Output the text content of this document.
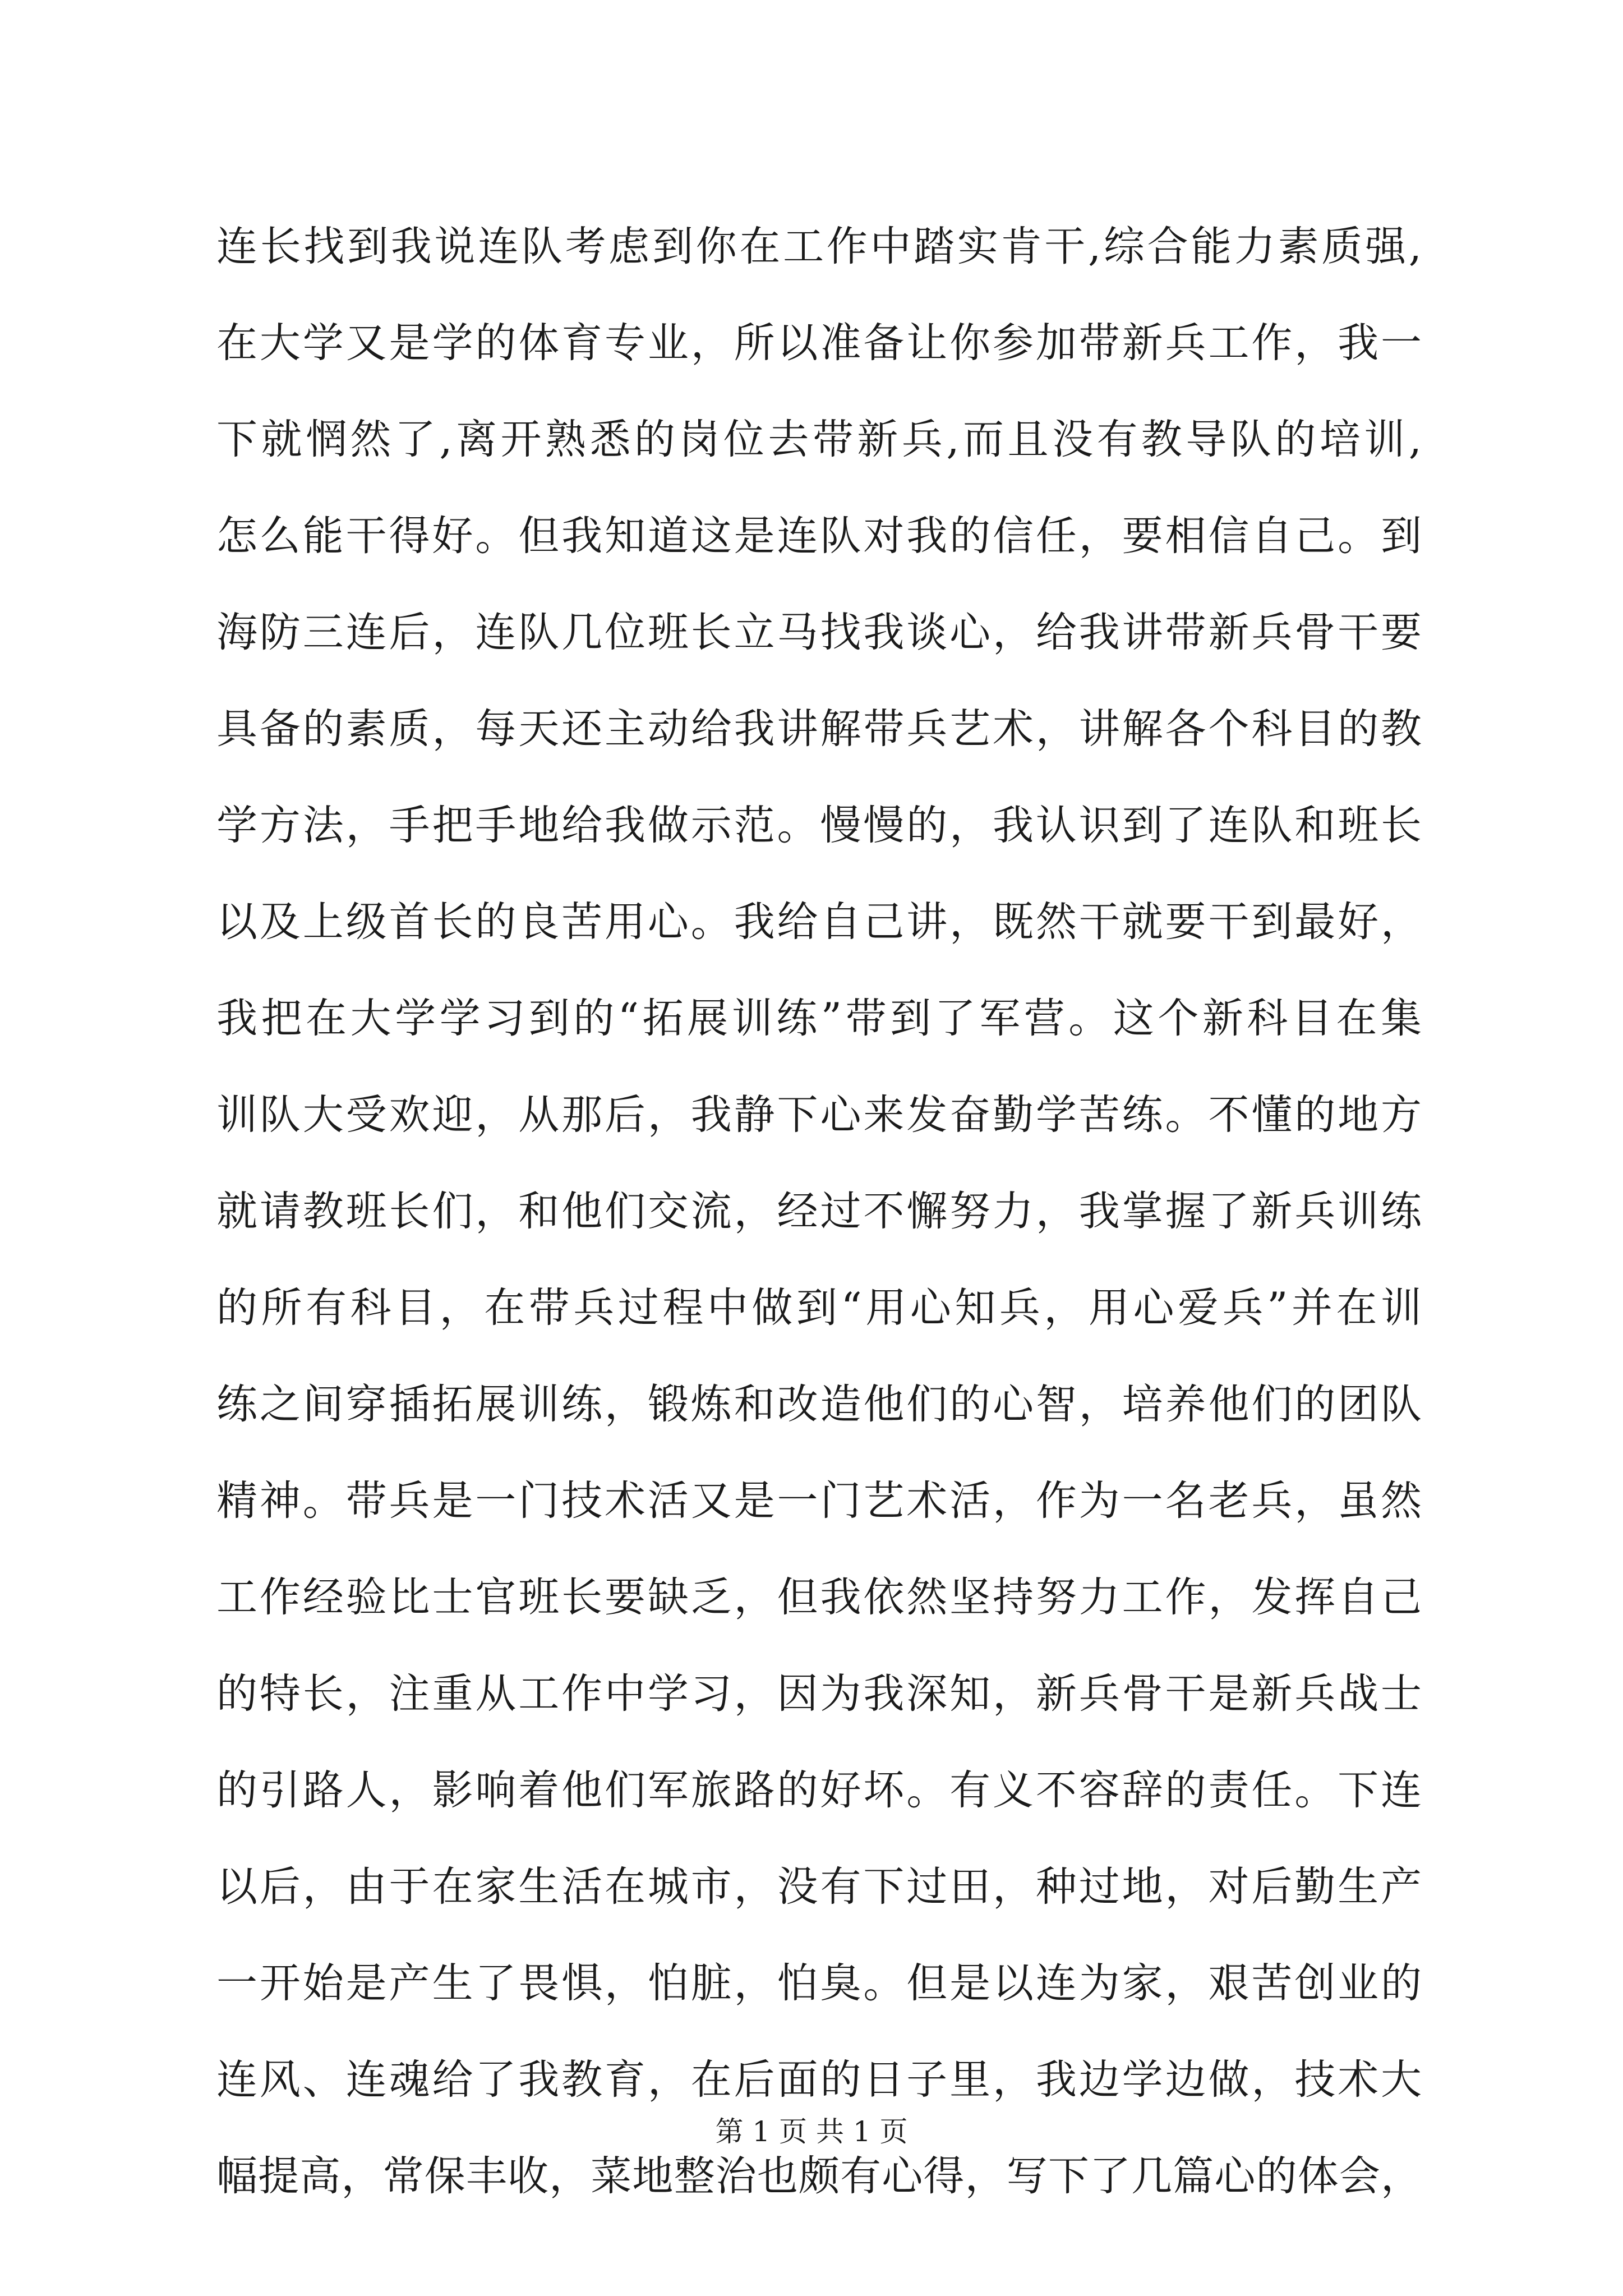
连长找到我说连队考虑到你在工作中踏实肯干,综合能力素质强,
在大学又是学的体育专业，所以准备让你参加带新兵工作，我一
下就惘然了,离开熟悉的岗位去带新兵,而且没有教导队的培训,
怎么能干得好。但我知道这是连队对我的信任，要相信自己。到
海防三连后，连队几位班长立马找我谈心，给我讲带新兵骨干要
具备的素质，每天还主动给我讲解带兵艺术，讲解各个科目的教
学方法，手把手地给我做示范。慢慢的，我认识到了连队和班长
以及上级首长的良苦用心。我给自己讲，既然干就要干到最好，
我把在大学学习到的“拓展训练”带到了军营。这个新科目在集
训队大受欢迎，从那后，我静下心来发奋勤学苦练。不懂的地方
就请教班长们，和他们交流，经过不懈努力，我掌握了新兵训练
的所有科目，在带兵过程中做到“用心知兵，用心爱兵”并在训
练之间穿插拓展训练，锻炼和改造他们的心智，培养他们的团队
精神。带兵是一门技术活又是一门艺术活，作为一名老兵，虽然
工作经验比士官班长要缺乏，但我依然坚持努力工作，发挥自己
的特长，注重从工作中学习，因为我深知，新兵骨干是新兵战士
的引路人，影响着他们军旅路的好坏。有义不容辞的责任。下连
以后，由于在家生活在城市，没有下过田，种过地，对后勤生产
一开始是产生了畏惧，怕脏，怕臭。但是以连为家，艰苦创业的
连风、连魂给了我教育，在后面的日子里，我边学边做，技术大
幅提高，常保丰收，菜地整治也颇有心得，写下了几篇心的体会，
第 1 页 共 1 页
